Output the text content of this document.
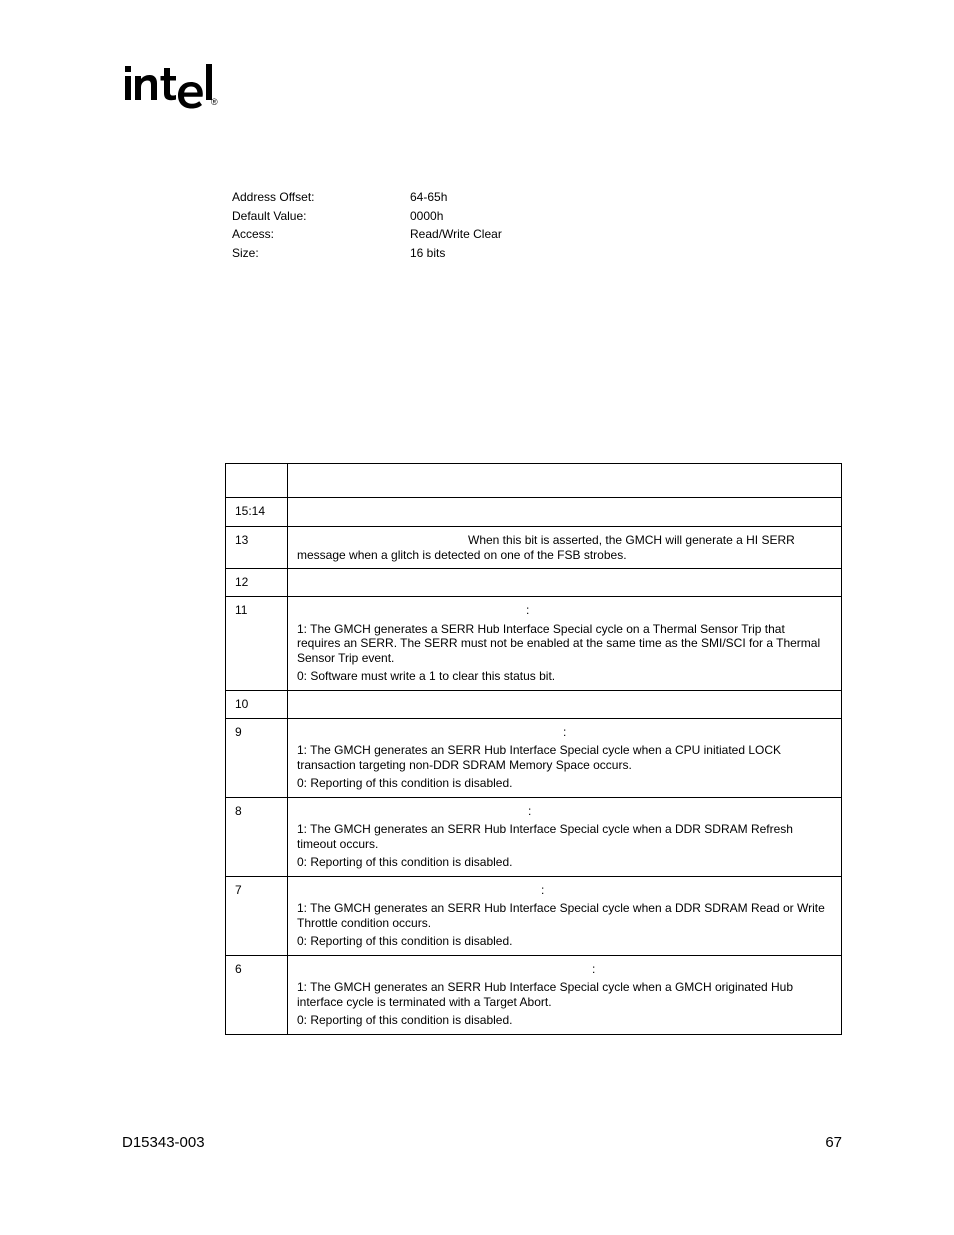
®
Address Offset:	64-65h
Default Value:	0000h
Access:	Read/Write Clear
Size:	16 bits

15:14	
13	When this bit is asserted, the GMCH will generate a HI SERR
message when a glitch is detected on one of the FSB strobes.

12	
11	:
1: The GMCH generates a SERR Hub Interface Special cycle on a Thermal Sensor Trip that requires an SERR. The SERR must not be enabled at the same time as the SMI/SCI for a Thermal Sensor Trip event.
0: Software must write a 1 to clear this status bit.

10	
9	:
1: The GMCH generates an SERR Hub Interface Special cycle when a CPU initiated LOCK transaction targeting non-DDR SDRAM Memory Space occurs.
0: Reporting of this condition is disabled.

8	:
1: The GMCH generates an SERR Hub Interface Special cycle when a DDR SDRAM Refresh timeout occurs.
0: Reporting of this condition is disabled.

7	:
1: The GMCH generates an SERR Hub Interface Special cycle when a DDR SDRAM Read or Write Throttle condition occurs.
0: Reporting of this condition is disabled.

6	:
1: The GMCH generates an SERR Hub Interface Special cycle when a GMCH originated Hub interface cycle is terminated with a Target Abort.
0: Reporting of this condition is disabled.
D15343-003	67
